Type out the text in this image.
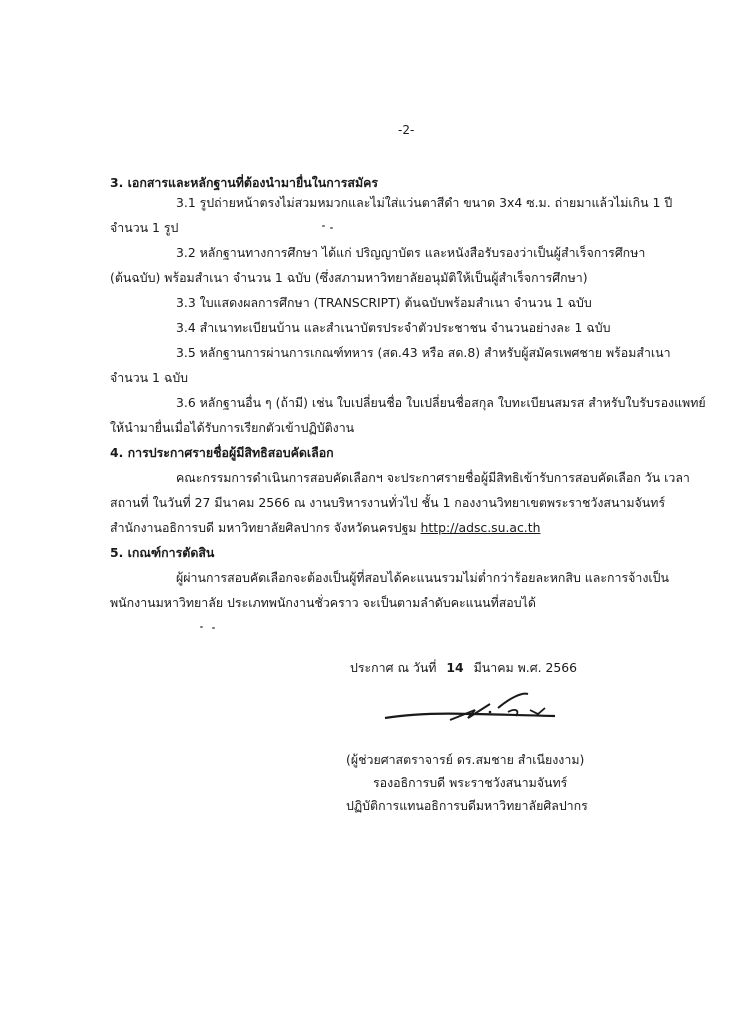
-2-
3. เอกสารและหลักฐานที่ต้องนำมายื่นในการสมัคร
3.1 รูปถ่ายหน้าตรงไม่สวมหมวกและไม่ใส่แว่นตาสีดำ ขนาด 3x4 ซ.ม. ถ่ายมาแล้วไม่เกิน 1 ปี
จำนวน 1 รูป
3.2 หลักฐานทางการศึกษา ได้แก่ ปริญญาบัตร และหนังสือรับรองว่าเป็นผู้สำเร็จการศึกษา
(ต้นฉบับ) พร้อมสำเนา จำนวน 1 ฉบับ (ซึ่งสภามหาวิทยาลัยอนุมัติให้เป็นผู้สำเร็จการศึกษา)
3.3 ใบแสดงผลการศึกษา (TRANSCRIPT) ต้นฉบับพร้อมสำเนา จำนวน 1 ฉบับ
3.4 สำเนาทะเบียนบ้าน และสำเนาบัตรประจำตัวประชาชน จำนวนอย่างละ 1 ฉบับ
3.5 หลักฐานการผ่านการเกณฑ์ทหาร (สด.43 หรือ สด.8) สำหรับผู้สมัครเพศชาย พร้อมสำเนา
จำนวน 1 ฉบับ
3.6 หลักฐานอื่น ๆ (ถ้ามี) เช่น ใบเปลี่ยนชื่อ ใบเปลี่ยนชื่อสกุล ใบทะเบียนสมรส สำหรับใบรับรองแพทย์
ให้นำมายื่นเมื่อได้รับการเรียกตัวเข้าปฏิบัติงาน
4. การประกาศรายชื่อผู้มีสิทธิสอบคัดเลือก
คณะกรรมการดำเนินการสอบคัดเลือกฯ จะประกาศรายชื่อผู้มีสิทธิเข้ารับการสอบคัดเลือก วัน เวลา
สถานที่ ในวันที่ 27 มีนาคม 2566 ณ งานบริหารงานทั่วไป ชั้น 1 กองงานวิทยาเขตพระราชวังสนามจันทร์
สำนักงานอธิการบดี มหาวิทยาลัยศิลปากร จังหวัดนครปฐม http://adsc.su.ac.th
5. เกณฑ์การตัดสิน
ผู้ผ่านการสอบคัดเลือกจะต้องเป็นผู้ที่สอบได้คะแนนรวมไม่ต่ำกว่าร้อยละหกสิบ และการจ้างเป็น
พนักงานมหาวิทยาลัย ประเภทพนักงานชั่วคราว จะเป็นตามลำดับคะแนนที่สอบได้
ประกาศ ณ วันที่ 14 มีนาคม พ.ศ. 2566
(ผู้ช่วยศาสตราจารย์ ดร.สมชาย สำเนียงงาม)
รองอธิการบดี พระราชวังสนามจันทร์
ปฏิบัติการแทนอธิการบดีมหาวิทยาลัยศิลปากร
